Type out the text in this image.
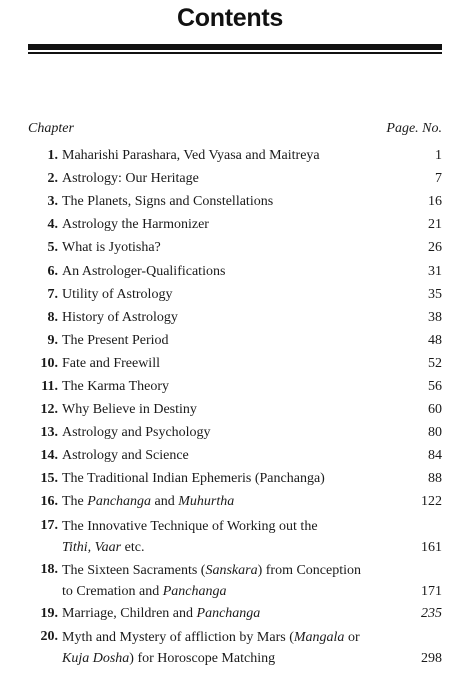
Contents
Chapter	Page. No.
1. Maharishi Parashara, Ved Vyasa and Maitreya	1
2. Astrology: Our Heritage	7
3. The Planets, Signs and Constellations	16
4. Astrology the Harmonizer	21
5. What is Jyotisha?	26
6. An Astrologer-Qualifications	31
7. Utility of Astrology	35
8. History of Astrology	38
9. The Present Period	48
10. Fate and Freewill	52
11. The Karma Theory	56
12. Why Believe in Destiny	60
13. Astrology and Psychology	80
14. Astrology and Science	84
15. The Traditional Indian Ephemeris (Panchanga)	88
16. The Panchanga and Muhurtha	122
17. The Innovative Technique of Working out the
Tithi, Vaar etc.	161
18. The Sixteen Sacraments (Sanskara) from Conception
to Cremation and Panchanga	171
19. Marriage, Children and Panchanga	235
20. Myth and Mystery of affliction by Mars (Mangala or
Kuja Dosha) for Horoscope Matching	298
